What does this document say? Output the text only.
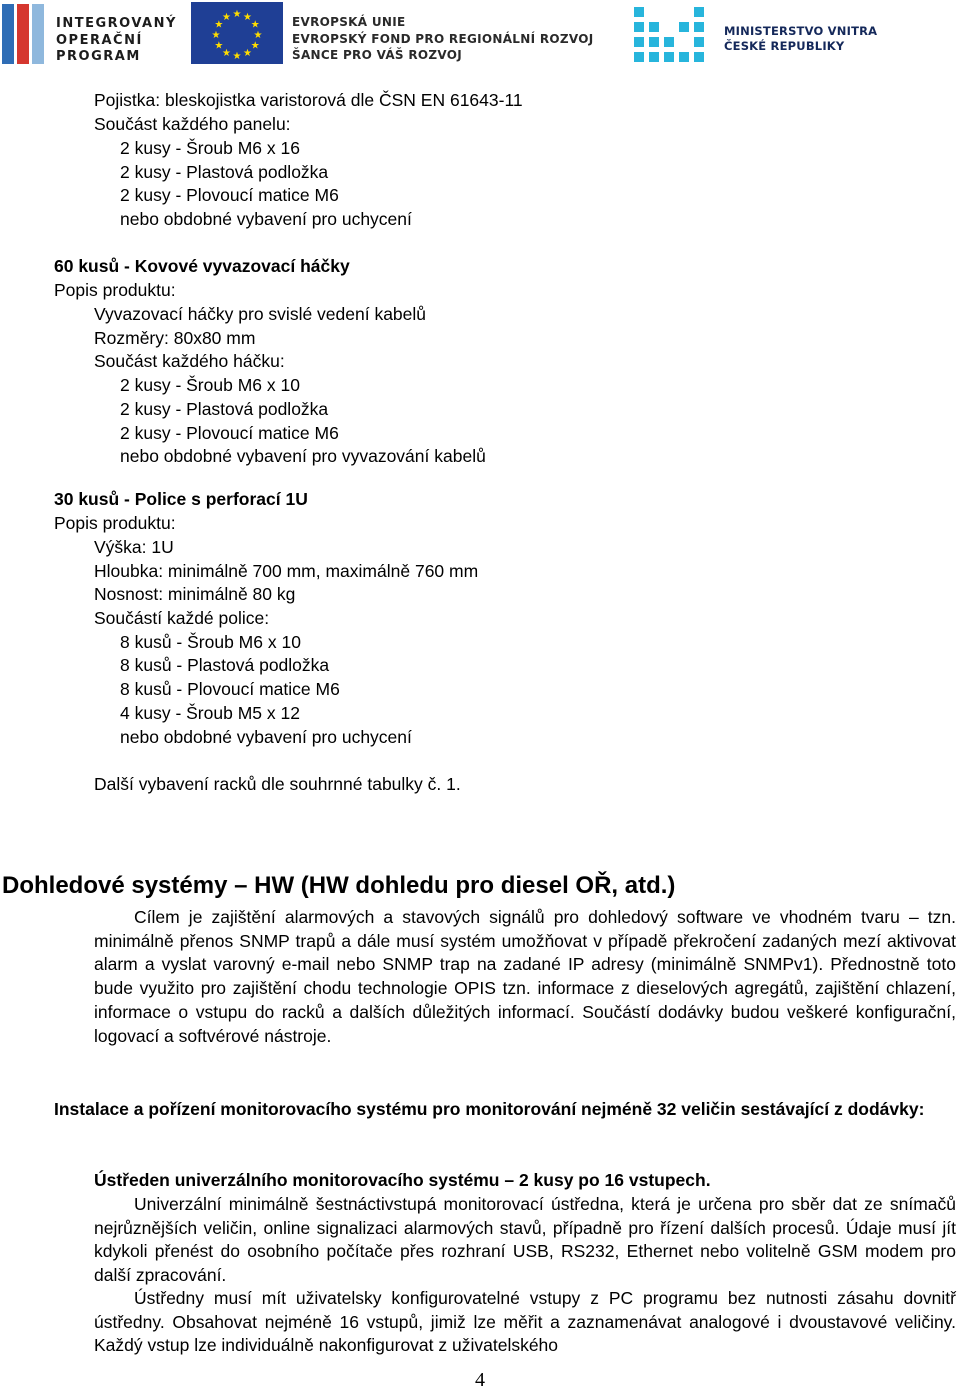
INTEGROVANÝ
OPERAČNÍ
PROGRAM
★ ★
★
★
★
★
★
★
★
★
★
★	EVROPSKÁ UNIE
EVROPSKÝ FOND PRO REGIONÁLNÍ ROZVOJ
ŠANCE PRO VÁŠ ROZVOJ
MINISTERSTVO VNITRA
ČESKÉ REPUBLIKY
Pojistka: bleskojistka varistorová dle ČSN EN 61643-11
Součást každého panelu:
2 kusy - Šroub M6 x 16
2 kusy - Plastová podložka
2 kusy - Plovoucí matice M6
nebo obdobné vybavení pro uchycení
60 kusů - Kovové vyvazovací háčky
Popis produktu:
Vyvazovací háčky pro svislé vedení kabelů
Rozměry: 80x80 mm
Součást každého háčku:
2 kusy - Šroub M6 x 10
2 kusy - Plastová podložka
2 kusy - Plovoucí matice M6
nebo obdobné vybavení pro vyvazování kabelů
30 kusů - Police s perforací 1U
Popis produktu:
Výška: 1U
Hloubka: minimálně 700 mm, maximálně 760 mm
Nosnost: minimálně 80 kg
Součástí každé police:
8 kusů - Šroub M6 x 10
8 kusů - Plastová podložka
8 kusů - Plovoucí matice M6
4 kusy - Šroub M5 x 12
nebo obdobné vybavení pro uchycení
Další vybavení racků dle souhrnné tabulky č. 1.
Dohledové systémy – HW (HW dohledu pro diesel OŘ, atd.)
Cílem je zajištění alarmových a stavových signálů pro dohledový software ve vhodném tvaru – tzn. minimálně přenos SNMP trapů a dále musí systém umožňovat v případě překročení zadaných mezí aktivovat alarm a vyslat varovný e-mail nebo SNMP trap na zadané IP adresy (minimálně SNMPv1). Přednostně toto bude využito pro zajištění chodu technologie OPIS tzn. informace z dieselových agregátů, zajištění chlazení, informace o vstupu do racků a dalších důležitých informací. Součástí dodávky budou veškeré konfigurační, logovací a softvérové nástroje.
Instalace a pořízení monitorovacího systému pro monitorování nejméně 32 veličin sestávající z dodávky:
Ústředen univerzálního monitorovacího systému – 2 kusy po 16 vstupech.
Univerzální minimálně šestnáctivstupá monitorovací ústředna, která je určena pro sběr dat ze snímačů nejrůznějších veličin, online signalizaci alarmových stavů, případně pro řízení dalších procesů. Údaje musí jít kdykoli přenést do osobního počítače přes rozhraní USB, RS232, Ethernet nebo volitelně GSM modem pro další zpracování.
Ústředny musí mít uživatelsky konfigurovatelné vstupy z PC programu bez nutnosti zásahu dovnitř ústředny. Obsahovat nejméně 16 vstupů, jimiž lze měřit a zaznamenávat analogové i dvoustavové veličiny. Každý vstup lze individuálně nakonfigurovat z uživatelského
4
